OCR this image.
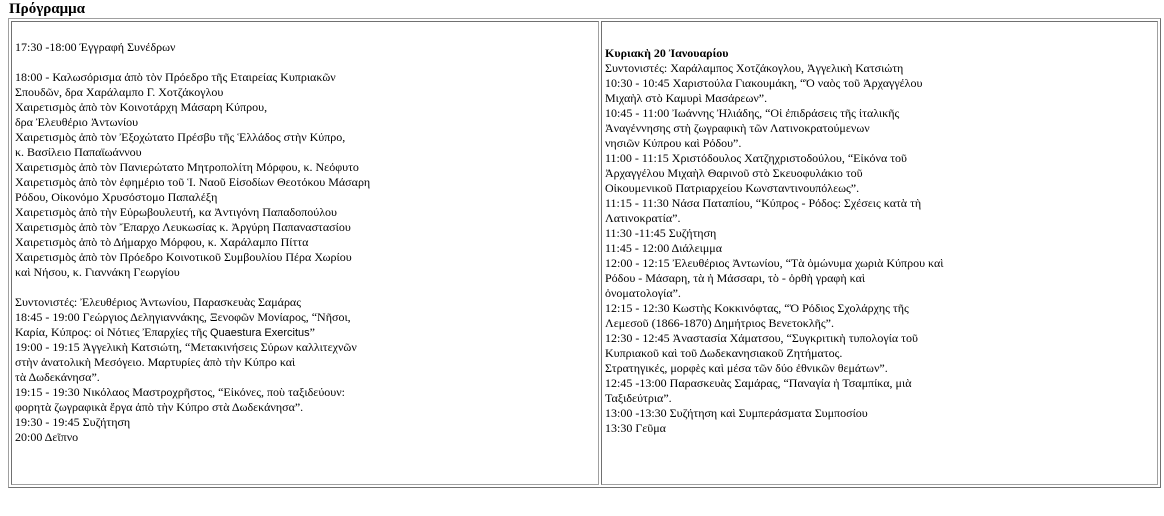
Πρόγραμμα
17:30 -18:00 Έγγραφή Συνέδρων
18:00 - Καλωσόρισμα ἀπὸ τὸν Πρόεδρο τῆς Εταιρείας Κυπριακῶν
Σπουδῶν, δρα Χαράλαμπο Γ. Χοτζάκογλου
Χαιρετισμὸς ἀπὸ τὸν Κοινοτάρχη Μάσαρη Κύπρου,
δρα Ἐλευθέριο Ἀντωνίου
Χαιρετισμὸς ἀπὸ τὸν Ἐξοχώτατο Πρέσβυ τῆς Ἑλλάδος στὴν Κύπρο,
κ. Βασίλειο Παπαϊωάννου
Χαιρετισμὸς ἀπὸ τὸν Πανιερώτατο Μητροπολίτη Μόρφου, κ. Νεόφυτο
Χαιρετισμὸς ἀπὸ τὸν ἐφημέριο τοῦ Ἱ. Ναοῦ Εἰσοδίων Θεοτόκου Μάσαρη
Ρόδου, Οἰκονόμο Χρυσόστομο Παπαλέξη
Χαιρετισμὸς ἀπὸ τὴν Εὐρωβουλευτή, κα Ἀντιγόνη Παπαδοπούλου
Χαιρετισμὸς ἀπὸ τὸν Ἔπαρχο Λευκωσίας κ. Ἀργύρη Παπαναστασίου
Χαιρετισμὸς ἀπὸ τὸ Δήμαρχο Μόρφου, κ. Χαράλαμπο Πίττα
Χαιρετισμὸς ἀπὸ τὸν Πρόεδρο Κοινοτικοῦ Συμβουλίου Πέρα Χωρίου
καὶ Νήσου, κ. Γιαννάκη Γεωργίου
Συντονιστές: Ἐλευθέριος Ἀντωνίου, Παρασκευὰς Σαμάρας
18:45 - 19:00 Γεώργιος Δεληγιαννάκης, Ξενοφῶν Μονίαρος, “Νῆσοι,
Καρία, Κύπρος: οἱ Νότιες Ἐπαρχίες τῆς Quaestura Exercitus”
19:00 - 19:15 Ἀγγελικὴ Κατσιώτη, “Μετακινήσεις Σύρων καλλιτεχνῶν
στὴν ἀνατολικὴ Μεσόγειο. Μαρτυρίες ἀπὸ τὴν Κύπρο καὶ
τὰ Δωδεκάνησα”.
19:15 - 19:30 Νικόλαος Μαστροχρῆστος, “Εἰκόνες, ποὺ ταξιδεύουν:
φορητὰ ζωγραφικὰ ἔργα ἀπὸ τὴν Κύπρο στὰ Δωδεκάνησα”.
19:30 - 19:45 Συζήτηση
20:00 Δεῖπνο
Κυριακὴ 20 Ἰανουαρίου
Συντονιστές: Χαράλαμπος Χοτζάκογλου, Ἀγγελικὴ Κατσιώτη
10:30 - 10:45 Χαριστούλα Γιακουμάκη, “Ὁ ναὸς τοῦ Ἀρχαγγέλου
Μιχαὴλ στὸ Καμυρὶ Μασάρεων”.
10:45 - 11:00 Ἰωάννης Ἠλιάδης, “Οἱ ἐπιδράσεις τῆς ἰταλικῆς
Ἀναγέννησης στὴ ζωγραφικὴ τῶν Λατινοκρατούμενων
νησιῶν Κύπρου καὶ Ρόδου”.
11:00 - 11:15 Χριστόδουλος Χατζηχριστοδούλου, “Εἰκόνα τοῦ
Ἀρχαγγέλου Μιχαὴλ Θαρινοῦ στὸ Σκευοφυλάκιο τοῦ
Οἰκουμενικοῦ Πατριαρχείου Κωνσταντινουπόλεως”.
11:15 - 11:30 Νάσα Παταπίου, “Κύπρος - Ρόδος: Σχέσεις κατὰ τὴ
Λατινοκρατία”.
11:30 -11:45 Συζήτηση
11:45 - 12:00 Διάλειμμα
12:00 - 12:15 Ἐλευθέριος Ἀντωνίου, “Τὰ ὁμώνυμα χωριὰ Κύπρου καὶ
Ρόδου - Μάσαρη, τὰ ἡ Μάσσαρι, τὸ - ὀρθὴ γραφὴ καὶ
ὀνοματολογία”.
12:15 - 12:30 Κωστὴς Κοκκινόφτας, “Ὁ Ρόδιος Σχολάρχης τῆς
Λεμεσοῦ (1866-1870) Δημήτριος Βενετοκλῆς”.
12:30 - 12:45 Ἀναστασία Χάματσου, “Συγκριτικὴ τυπολογία τοῦ
Κυπριακοῦ καὶ τοῦ Δωδεκανησιακοῦ Ζητήματος.
Στρατηγικές, μορφὲς καὶ μέσα τῶν δύο ἐθνικῶν θεμάτων”.
12:45 -13:00 Παρασκευὰς Σαμάρας, “Παναγία ἡ Τσαμπίκα, μιὰ
Ταξιδεύτρια”.
13:00 -13:30 Συζήτηση καὶ Συμπεράσματα Συμποσίου
13:30 Γεῦμα
